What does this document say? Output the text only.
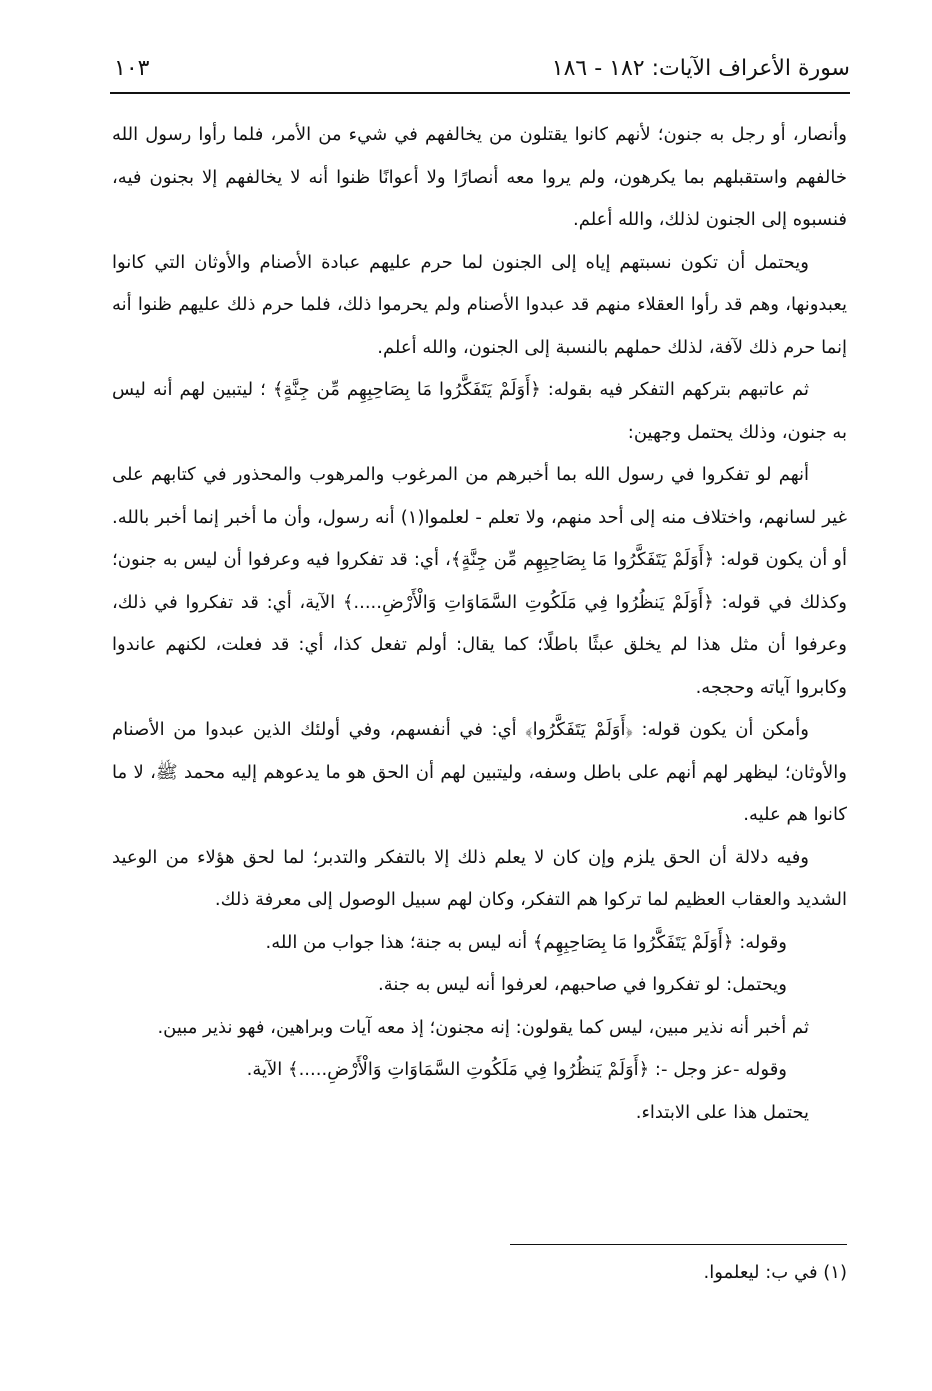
سورة الأعراف الآيات: ١٨٢ - ١٨٦
١٠٣

وأنصار، أو رجل به جنون؛ لأنهم كانوا يقتلون من يخالفهم في شيء من الأمر، فلما رأوا رسول الله خالفهم واستقبلهم بما يكرهون، ولم يروا معه أنصارًا ولا أعوانًا ظنوا أنه لا يخالفهم إلا بجنون فيه، فنسبوه إلى الجنون لذلك، والله أعلم.

ويحتمل أن تكون نسبتهم إياه إلى الجنون لما حرم عليهم عبادة الأصنام والأوثان التي كانوا يعبدونها، وهم قد رأوا العقلاء منهم قد عبدوا الأصنام ولم يحرموا ذلك، فلما حرم ذلك عليهم ظنوا أنه إنما حرم ذلك لآفة، لذلك حملهم بالنسبة إلى الجنون، والله أعلم.

ثم عاتبهم بتركهم التفكر فيه بقوله: ﴿أَوَلَمْ يَتَفَكَّرُوا مَا بِصَاحِبِهِم مِّن جِنَّةٍ﴾ ؛ ليتبين لهم أنه ليس به جنون، وذلك يحتمل وجهين:

أنهم لو تفكروا في رسول الله بما أخبرهم من المرغوب والمرهوب والمحذور في كتابهم على غير لسانهم، واختلاف منه إلى أحد منهم، ولا تعلم - لعلموا(١) أنه رسول، وأن ما أخبر إنما أخبر بالله. أو أن يكون قوله: ﴿أَوَلَمْ يَتَفَكَّرُوا مَا بِصَاحِبِهِم مِّن جِنَّةٍ﴾، أي: قد تفكروا فيه وعرفوا أن ليس به جنون؛ وكذلك في قوله: ﴿أَوَلَمْ يَنظُرُوا فِي مَلَكُوتِ السَّمَاوَاتِ وَالْأَرْضِ.....﴾ الآية، أي: قد تفكروا في ذلك، وعرفوا أن مثل هذا لم يخلق عبثًا باطلًا؛ كما يقال: أولم تفعل كذا، أي: قد فعلت، لكنهم عاندوا وكابروا آياته وحججه.

وأمكن أن يكون قوله: ﴿أَوَلَمْ يَتَفَكَّرُوا﴾ أي: في أنفسهم، وفي أولئك الذين عبدوا من الأصنام والأوثان؛ ليظهر لهم أنهم على باطل وسفه، وليتبين لهم أن الحق هو ما يدعوهم إليه محمد ﷺ، لا ما كانوا هم عليه.

وفيه دلالة أن الحق يلزم وإن كان لا يعلم ذلك إلا بالتفكر والتدبر؛ لما لحق هؤلاء من الوعيد الشديد والعقاب العظيم لما تركوا هم التفكر، وكان لهم سبيل الوصول إلى معرفة ذلك.

وقوله: ﴿أَوَلَمْ يَتَفَكَّرُوا مَا بِصَاحِبِهِم﴾ أنه ليس به جنة؛ هذا جواب من الله.

ويحتمل: لو تفكروا في صاحبهم، لعرفوا أنه ليس به جنة.

ثم أخبر أنه نذير مبين، ليس كما يقولون: إنه مجنون؛ إذ معه آيات وبراهين، فهو نذير مبين.

وقوله -عز وجل -: ﴿أَوَلَمْ يَنظُرُوا فِي مَلَكُوتِ السَّمَاوَاتِ وَالْأَرْضِ.....﴾ الآية.

يحتمل هذا على الابتداء.

(١) في ب: ليعلموا.
